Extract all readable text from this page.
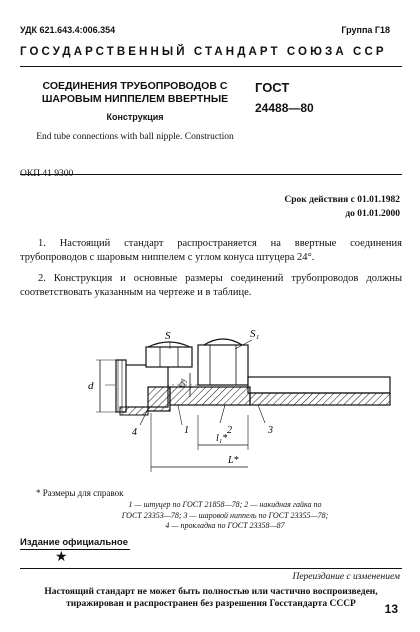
УДК 621.643.4:006.354	Группа Г18
ГОСУДАРСТВЕННЫЙ СТАНДАРТ СОЮЗА ССР
СОЕДИНЕНИЯ ТРУБОПРОВОДОВ С ШАРОВЫМ НИППЕЛЕМ ВВЕРТНЫЕ
Конструкция
End tube connections with ball nipple. Construction
ГОСТ
24488—80
ОКП 41 9300
Срок действия с 01.01.1982
до 01.01.2000
1. Настоящий стандарт распространяется на ввертные соединения трубопроводов с шаровым ниппелем с углом конуса штуцера 24°.
2. Конструкция и основные размеры соединений трубопроводов должны соответствовать указанным на чертеже и в таблице.
d	Dy
S	S₁
4	1	2	3
l₁*
L*
* Размеры для справок
1 — штуцер по ГОСТ 21858—78; 2 — накидная гайка по
ГОСТ 23353—78; 3 — шаровой ниппель по ГОСТ 23355—78;
4 — прокладка по ГОСТ 23358—87
Издание официальное
★
Переиздание с изменением
Настоящий стандарт не может быть полностью или частично воспроизведен, тиражирован и распространен без разрешения Госстандарта СССР	13
